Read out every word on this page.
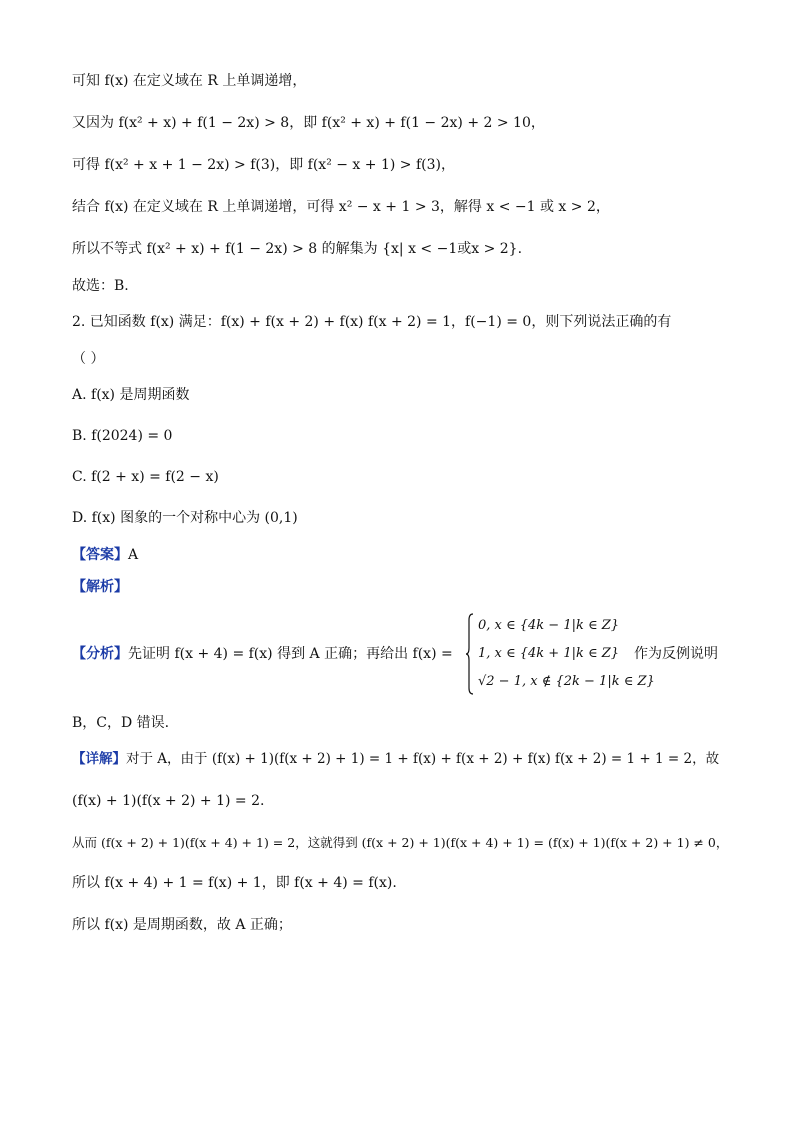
可知 f(x) 在定义域在 R 上单调递增，
又因为 f(x² + x) + f(1 − 2x) > 8，即 f(x² + x) + f(1 − 2x) + 2 > 10，
可得 f(x² + x + 1 − 2x) > f(3)，即 f(x² − x + 1) > f(3)，
结合 f(x) 在定义域在 R 上单调递增，可得 x² − x + 1 > 3，解得 x < −1 或 x > 2，
所以不等式 f(x² + x) + f(1 − 2x) > 8 的解集为 {x| x < −1或x > 2}.
故选：B.
2. 已知函数 f(x) 满足：f(x) + f(x + 2) + f(x) f(x + 2) = 1，f(−1) = 0，则下列说法正确的有
（ ）
A. f(x) 是周期函数
B. f(2024) = 0
C. f(2 + x) = f(2 − x)
D. f(x) 图象的一个对称中心为 (0,1)
【答案】A
【解析】
【分析】先证明 f(x + 4) = f(x) 得到 A 正确；再给出 f(x) =
0, x ∈ {4k − 1|k ∈ Z}
1, x ∈ {4k + 1|k ∈ Z}
√2 − 1, x ∉ {2k − 1|k ∈ Z}
作为反例说明
B，C，D 错误.
【详解】对于 A，由于 (f(x) + 1)(f(x + 2) + 1) = 1 + f(x) + f(x + 2) + f(x) f(x + 2) = 1 + 1 = 2，故
(f(x) + 1)(f(x + 2) + 1) = 2.
从而 (f(x + 2) + 1)(f(x + 4) + 1) = 2，这就得到 (f(x + 2) + 1)(f(x + 4) + 1) = (f(x) + 1)(f(x + 2) + 1) ≠ 0，
所以 f(x + 4) + 1 = f(x) + 1，即 f(x + 4) = f(x).
所以 f(x) 是周期函数，故 A 正确；
